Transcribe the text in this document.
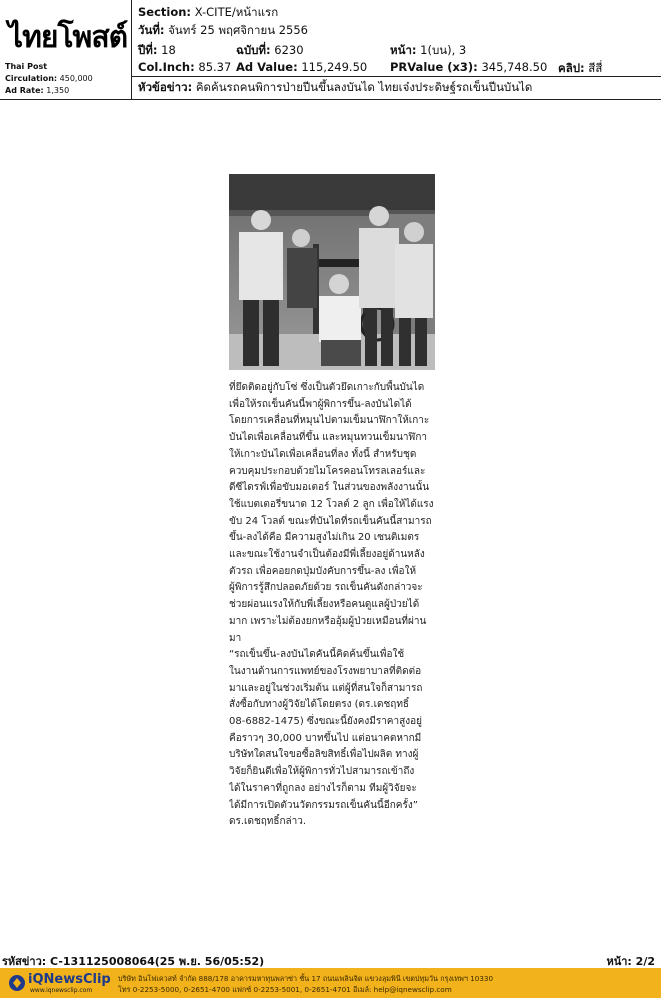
ไทยโพสต์
Thai Post
Circulation: 450,000
Ad Rate: 1,350
Section: X-CITE/หน้าแรก
วันที่: จันทร์ 25 พฤศจิกายน 2556
ปีที่: 18	ฉบับที่: 6230	หน้า: 1(บน), 3
Col.Inch: 85.37 Ad Value: 115,249.50 PRValue (x3): 345,748.50 คลิป: สีสี่
หัวข้อข่าว: คิดค้นรถคนพิการป่ายปีนขึ้นลงบันได ไทยเจ๋งประดิษฐ์รถเข็นปีนบันได

ที่ยึดติดอยู่กับโซ่ ซึ่งเป็นตัวยึดเกาะกับพื้นบันได
เพื่อให้รถเข็นคันนี้พาผู้พิการขึ้น-ลงบันไดได้
โดยการเคลื่อนที่หมุนไปตามเข็มนาฬิกาให้เกาะ
บันไดเพื่อเคลื่อนที่ขึ้น และหมุนทวนเข็มนาฬิกา
ให้เกาะบันไดเพื่อเคลื่อนที่ลง ทั้งนี้ สำหรับชุด
ควบคุมประกอบด้วยไมโครคอนโทรลเลอร์และ
ดีซีไดรฟ์เพื่อขับมอเตอร์ ในส่วนของพลังงานนั้น
ใช้แบตเตอรี่ขนาด 12 โวลต์ 2 ลูก เพื่อให้ได้แรง
ขับ 24 โวลต์ ขณะที่บันไดที่รถเข็นคันนี้สามารถ
ขึ้น-ลงได้คือ มีความสูงไม่เกิน 20 เซนติเมตร
และขณะใช้งานจำเป็นต้องมีพี่เลี้ยงอยู่ด้านหลัง
ตัวรถ เพื่อคอยกดปุ่มบังคับการขึ้น-ลง เพื่อให้
ผู้พิการรู้สึกปลอดภัยด้วย รถเข็นคันดังกล่าวจะ
ช่วยผ่อนแรงให้กับพี่เลี้ยงหรือคนดูแลผู้ป่วยได้
มาก เพราะไม่ต้องยกหรืออุ้มผู้ป่วยเหมือนที่ผ่าน
มา

“รถเข็นขึ้น-ลงบันไดคันนี้คิดค้นขึ้นเพื่อใช้
ในงานด้านการแพทย์ของโรงพยาบาลที่ติดต่อ
มาและอยู่ในช่วงเริ่มต้น แต่ผู้ที่สนใจก็สามารถ
สั่งซื้อกับทางผู้วิจัยได้โดยตรง (ดร.เดชฤทธิ์
08-6882-1475) ซึ่งขณะนี้ยังคงมีราคาสูงอยู่
คือราวๆ 30,000 บาทขึ้นไป แต่อนาคตหากมี
บริษัทใดสนใจขอซื้อลิขสิทธิ์เพื่อไปผลิต ทางผู้
วิจัยก็ยินดีเพื่อให้ผู้พิการทั่วไปสามารถเข้าถึง
ได้ในราคาที่ถูกลง อย่างไรก็ตาม ทีมผู้วิจัยจะ
ได้มีการเปิดตัวนวัตกรรมรถเข็นคันนี้อีกครั้ง”
ดร.เดชฤทธิ์กล่าว.

รหัสข่าว: C-131125008064(25 พ.ย. 56/05:52)	หน้า: 2/2
iQNewsClip
www.iqnewsclip.com
บริษัท อินโฟเควสท์ จำกัด 888/178 อาคารมหาทุนพลาซ่า ชั้น 17 ถนนเพลินจิต แขวงลุมพินี เขตปทุมวัน กรุงเทพฯ 10330
โทร 0-2253-5000, 0-2651-4700 แฟกซ์ 0-2253-5001, 0-2651-4701 อีเมล์: help@iqnewsclip.com
